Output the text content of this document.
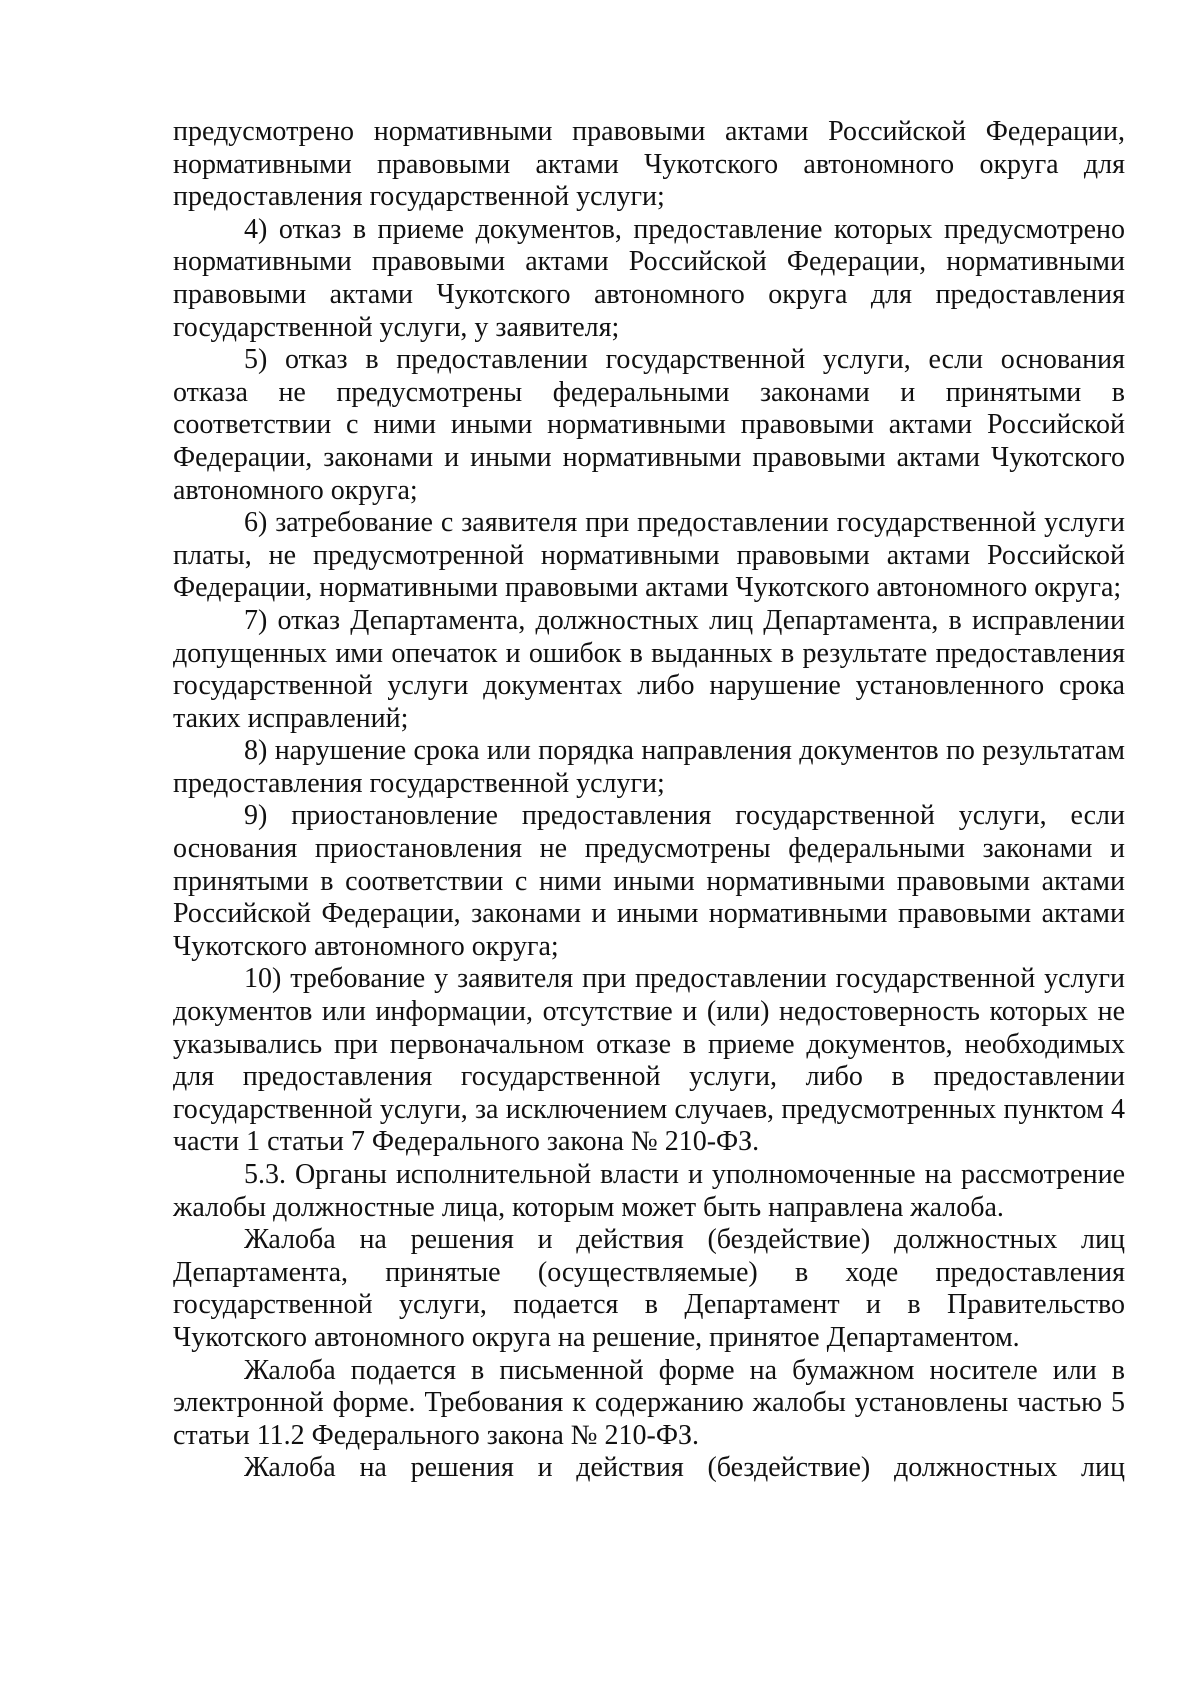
предусмотрено нормативными правовыми актами Российской Федерации, нормативными правовыми актами Чукотского автономного округа для предоставления государственной услуги;

4) отказ в приеме документов, предоставление которых предусмотрено нормативными правовыми актами Российской Федерации, нормативными правовыми актами Чукотского автономного округа для предоставления государственной услуги, у заявителя;

5) отказ в предоставлении государственной услуги, если основания отказа не предусмотрены федеральными законами и принятыми в соответствии с ними иными нормативными правовыми актами Российской Федерации, законами и иными нормативными правовыми актами Чукотского автономного округа;

6) затребование с заявителя при предоставлении государственной услуги платы, не предусмотренной нормативными правовыми актами Российской Федерации, нормативными правовыми актами Чукотского автономного округа;

7) отказ Департамента, должностных лиц Департамента, в исправлении допущенных ими опечаток и ошибок в выданных в результате предоставления государственной услуги документах либо нарушение установленного срока таких исправлений;

8) нарушение срока или порядка направления документов по результатам предоставления государственной услуги;

9) приостановление предоставления государственной услуги, если основания приостановления не предусмотрены федеральными законами и принятыми в соответствии с ними иными нормативными правовыми актами Российской Федерации, законами и иными нормативными правовыми актами Чукотского автономного округа;

10) требование у заявителя при предоставлении государственной услуги документов или информации, отсутствие и (или) недостоверность которых не указывались при первоначальном отказе в приеме документов, необходимых для предоставления государственной услуги, либо в предоставлении государственной услуги, за исключением случаев, предусмотренных пунктом 4 части 1 статьи 7 Федерального закона № 210-ФЗ.

5.3. Органы исполнительной власти и уполномоченные на рассмотрение жалобы должностные лица, которым может быть направлена жалоба.

Жалоба на решения и действия (бездействие) должностных лиц Департамента, принятые (осуществляемые) в ходе предоставления государственной услуги, подается в Департамент и в Правительство Чукотского автономного округа на решение, принятое Департаментом.

Жалоба подается в письменной форме на бумажном носителе или в электронной форме. Требования к содержанию жалобы установлены частью 5 статьи 11.2 Федерального закона № 210-ФЗ.

Жалоба на решения и действия (бездействие) должностных лиц
